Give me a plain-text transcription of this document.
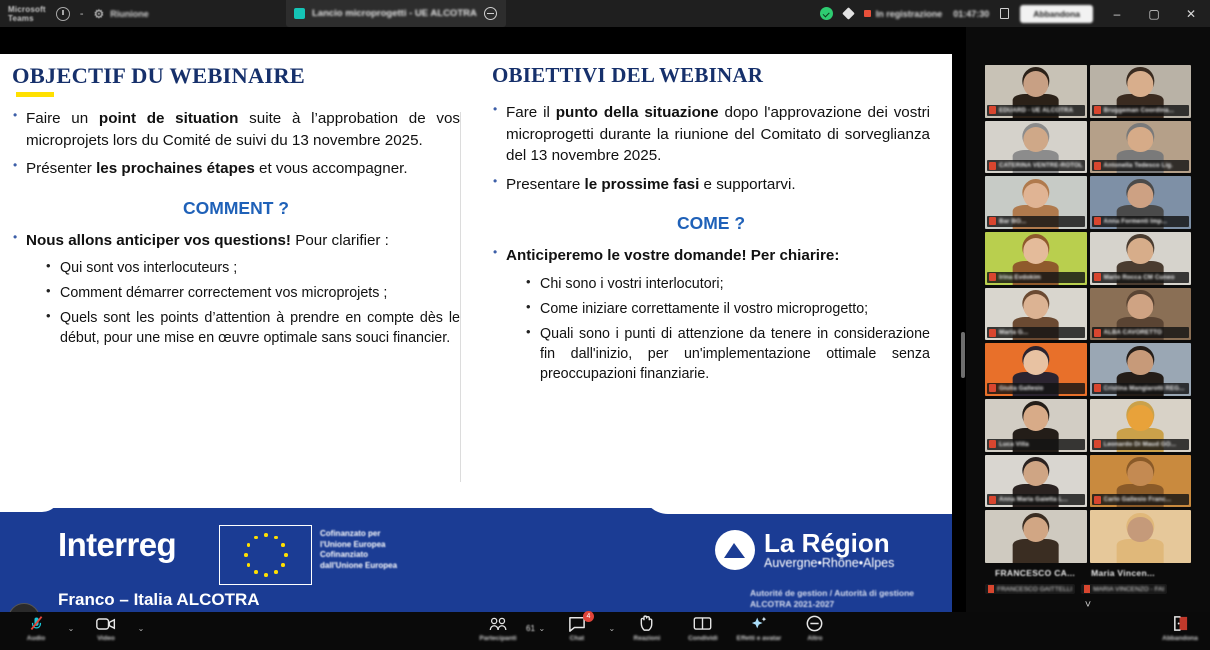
Microsoft
Teams	- ⚙ Riunione	Lancio microprogetti - UE ALCOTRA	In registrazione 01:47:30	Abbandona	–	▢	✕
OBJECTIF DU WEBINAIRE
• Faire un point de situation suite à l’approbation de vos microprojets lors du Comité de suivi du 13 novembre 2025.
• Présenter les prochaines étapes et vous accompagner.
COMMENT ?
• Nous allons anticiper vos questions! Pour clarifier :
• Qui sont vos interlocuteurs ;
• Comment démarrer correctement vos microprojets ;
• Quels sont les points d’attention à prendre en compte dès le début, pour une mise en œuvre optimale sans souci financier.
OBIETTIVI DEL WEBINAR
• Fare il punto della situazione dopo l'approvazione dei vostri microprogetti durante la riunione del Comitato di sorveglianza del 13 novembre 2025.
• Presentare le prossime fasi e supportarvi.
COME ?
• Anticiperemo le vostre domande! Per chiarire:
• Chi sono i vostri interlocutori;
• Come iniziare correttamente il vostro microprogetto;
• Quali sono i punti di attenzione da tenere in considerazione fin dall'inizio, per un'implementazione ottimale senza preoccupazioni finanziarie.
Interreg	Cofinanzato per
l'Unione Europea
Cofinanziato
dall'Unione Europea
Franco – Italia ALCOTRA
La Région
Auvergne•Rhône•Alpes
Autorité de gestion / Autorità di gestione
ALCOTRA 2021-2027
EDUARD - UE ALCOTRA	Bruggeman Coordina...
CATERINA VENTRE-ROTOL	Antonella Tedesco Lig.
Bar BO...	Anna Formenti Imp...
Irina Evdokim	Mario Rocca CM Cuneo
Marta G...	ALBA CAVORETTO
Giulia Gallesio	Cristina Mangiarotti REG...
Luca Villa	Leonardo Di Maud GO...
Anna Maria Gaietta L...	Carlo Gallesio Franc...
FRANCESCO CA... Maria Vincen...
FRANCESCO GAITTELLI	MARIA VINCENZO - FAI
˅
Audio
⌄
Video
⌄
Partecipanti
61 ⌄
Chat
4
⌄
Reazioni	Condividi	Effetti e avatar	Altro	Abbandona
